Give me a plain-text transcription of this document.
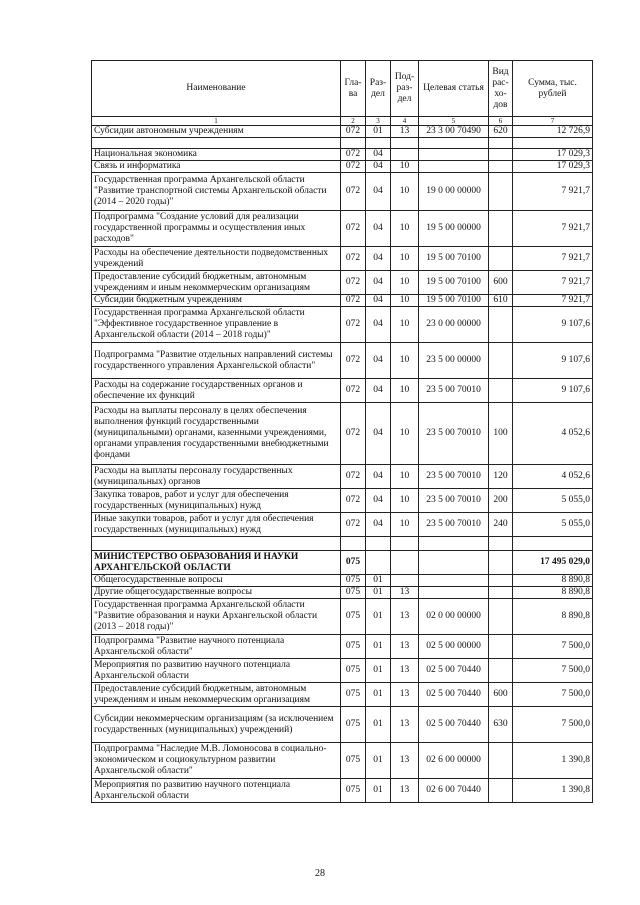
Наименование	Гла-ва	Раз-дел	Под-раз-дел	Целевая статья	Вид рас-хо-дов	Сумма, тыс. рублей
1	2	3	4	5	6	7
Субсидии автономным учреждениям	072	01	13	23 3 00 70490	620	12 726,9

Национальная экономика	072	04				17 029,3
Связь и информатика	072	04	10			17 029,3
Государственная программа Архангельской области "Развитие транспортной системы Архангельской области (2014 – 2020 годы)"	072	04	10	19 0 00 00000		7 921,7
Подпрограмма "Создание условий для реализации государственной программы и осуществления иных расходов"	072	04	10	19 5 00 00000		7 921,7
Расходы на обеспечение деятельности подведомственных учреждений	072	04	10	19 5 00 70100		7 921,7
Предоставление субсидий бюджетным, автономным учреждениям и иным некоммерческим организациям	072	04	10	19 5 00 70100	600	7 921,7
Субсидии бюджетным учреждениям	072	04	10	19 5 00 70100	610	7 921,7
Государственная программа Архангельской области "Эффективное государственное управление в Архангельской области (2014 – 2018 годы)"	072	04	10	23 0 00 00000		9 107,6
Подпрограмма "Развитие отдельных направлений системы государственного управления Архангельской области"	072	04	10	23 5 00 00000		9 107,6
Расходы на содержание государственных органов и обеспечение их функций	072	04	10	23 5 00 70010		9 107,6
Расходы на выплаты персоналу в целях обеспечения выполнения функций государственными (муниципальными) органами, казенными учреждениями, органами управления государственными внебюджетными фондами	072	04	10	23 5 00 70010	100	4 052,6
Расходы на выплаты персоналу государственных (муниципальных) органов	072	04	10	23 5 00 70010	120	4 052,6
Закупка товаров, работ и услуг для обеспечения государственных (муниципальных) нужд	072	04	10	23 5 00 70010	200	5 055,0
Иные закупки товаров, работ и услуг для обеспечения государственных (муниципальных) нужд	072	04	10	23 5 00 70010	240	5 055,0

МИНИСТЕРСТВО ОБРАЗОВАНИЯ И НАУКИ АРХАНГЕЛЬСКОЙ ОБЛАСТИ	075					17 495 029,0
Общегосударственные вопросы	075	01				8 890,8
Другие общегосударственные вопросы	075	01	13			8 890,8
Государственная программа Архангельской области "Развитие образования и науки Архангельской области (2013 – 2018 годы)"	075	01	13	02 0 00 00000		8 890,8
Подпрограмма "Развитие научного потенциала Архангельской области"	075	01	13	02 5 00 00000		7 500,0
Мероприятия по развитию научного потенциала Архангельской области	075	01	13	02 5 00 70440		7 500,0
Предоставление субсидий бюджетным, автономным учреждениям и иным некоммерческим организациям	075	01	13	02 5 00 70440	600	7 500,0
Субсидии некоммерческим организациям (за исключением государственных (муниципальных) учреждений)	075	01	13	02 5 00 70440	630	7 500,0
Подпрограмма "Наследие М.В. Ломоносова в социально-экономическом и социокультурном развитии Архангельской области"	075	01	13	02 6 00 00000		1 390,8
Мероприятия по развитию научного потенциала Архангельской области	075	01	13	02 6 00 70440		1 390,8
28
